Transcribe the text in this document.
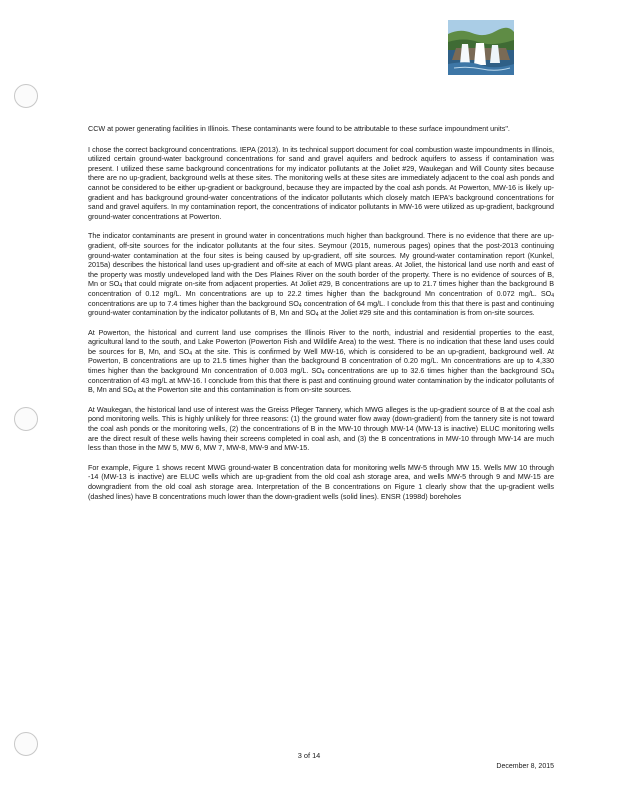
CCW at power generating facilities in Illinois. These contaminants were found to be attributable to these surface impoundment units".

I chose the correct background concentrations. IEPA (2013). In its technical support document for coal combustion waste impoundments in Illinois, utilized certain ground-water background concentrations for sand and gravel aquifers and bedrock aquifers to assess if contamination was present. I utilized these same background concentrations for my indicator pollutants at the Joliet #29, Waukegan and Will County sites because there are no up-gradient, background wells at these sites. The monitoring wells at these sites are immediately adjacent to the coal ash ponds and cannot be considered to be either up-gradient or background, because they are impacted by the coal ash ponds. At Powerton, MW-16 is likely up-gradient and has background ground-water concentrations of the indicator pollutants which closely match IEPA's background concentrations for sand and gravel aquifers. In my contamination report, the concentrations of indicator pollutants in MW-16 were utilized as up-gradient, background ground-water concentrations at Powerton.

The indicator contaminants are present in ground water in concentrations much higher than background. There is no evidence that there are up-gradient, off-site sources for the indicator pollutants at the four sites. Seymour (2015, numerous pages) opines that the post-2013 continuing ground-water contamination at the four sites is being caused by up-gradient, off site sources. My ground-water contamination report (Kunkel, 2015a) describes the historical land uses up-gradient and off-site at each of MWG plant areas. At Joliet, the historical land use north and east of the property was mostly undeveloped land with the Des Plaines River on the south border of the property. There is no evidence of sources of B, Mn or $SO_4$ that could migrate on-site from adjacent properties. At Joliet #29, B concentrations are up to 21.7 times higher than the background B concentration of 0.12 mg/L. Mn concentrations are up to 22.2 times higher than the background Mn concentration of 0.072 mg/L. $SO_4$ concentrations are up to 7.4 times higher than the background $SO_4$ concentration of 64 mg/L. I conclude from this that there is past and continuing ground-water contamination by the indicator pollutants of B, Mn and $SO_4$ at the Joliet #29 site and this contamination is from on-site sources.

At Powerton, the historical and current land use comprises the Illinois River to the north, industrial and residential properties to the east, agricultural land to the south, and Lake Powerton (Powerton Fish and Wildlife Area) to the west. There is no indication that these land uses could be sources for B, Mn, and $SO_4$ at the site. This is confirmed by Well MW-16, which is considered to be an up-gradient, background well. At Powerton, B concentrations are up to 21.5 times higher than the background B concentration of 0.20 mg/L. Mn concentrations are up to 4,330 times higher than the background Mn concentration of 0.003 mg/L. $SO_4$ concentrations are up to 32.6 times higher than the background $SO_4$ concentration of 43 mg/L at MW-16. I conclude from this that there is past and continuing ground water contamination by the indicator pollutants of B, Mn and $SO_4$ at the Powerton site and this contamination is from on-site sources.

At Waukegan, the historical land use of interest was the Greiss Pfleger Tannery, which MWG alleges is the up-gradient source of B at the coal ash pond monitoring wells. This is highly unlikely for three reasons: (1) the ground water flow away (down-gradient) from the tannery site is not toward the coal ash ponds or the monitoring wells, (2) the concentrations of B in the MW-10 through MW-14 (MW-13 is inactive) ELUC monitoring wells are the direct result of these wells having their screens completed in coal ash, and (3) the B concentrations in MW-10 through MW-14 are much less than those in the MW 5, MW 6, MW 7, MW-8, MW-9 and MW-15.

For example, Figure 1 shows recent MWG ground-water B concentration data for monitoring wells MW-5 through MW 15. Wells MW 10 through -14 (MW-13 is inactive) are ELUC wells which are up-gradient from the old coal ash storage area, and wells MW-5 through 9 and MW-15 are downgradient from the old coal ash storage area. Interpretation of the B concentrations on Figure 1 clearly show that the up-gradient wells (dashed lines) have B concentrations much lower than the down-gradient wells (solid lines). ENSR (1998d) boreholes

3 of 14
December 8, 2015
